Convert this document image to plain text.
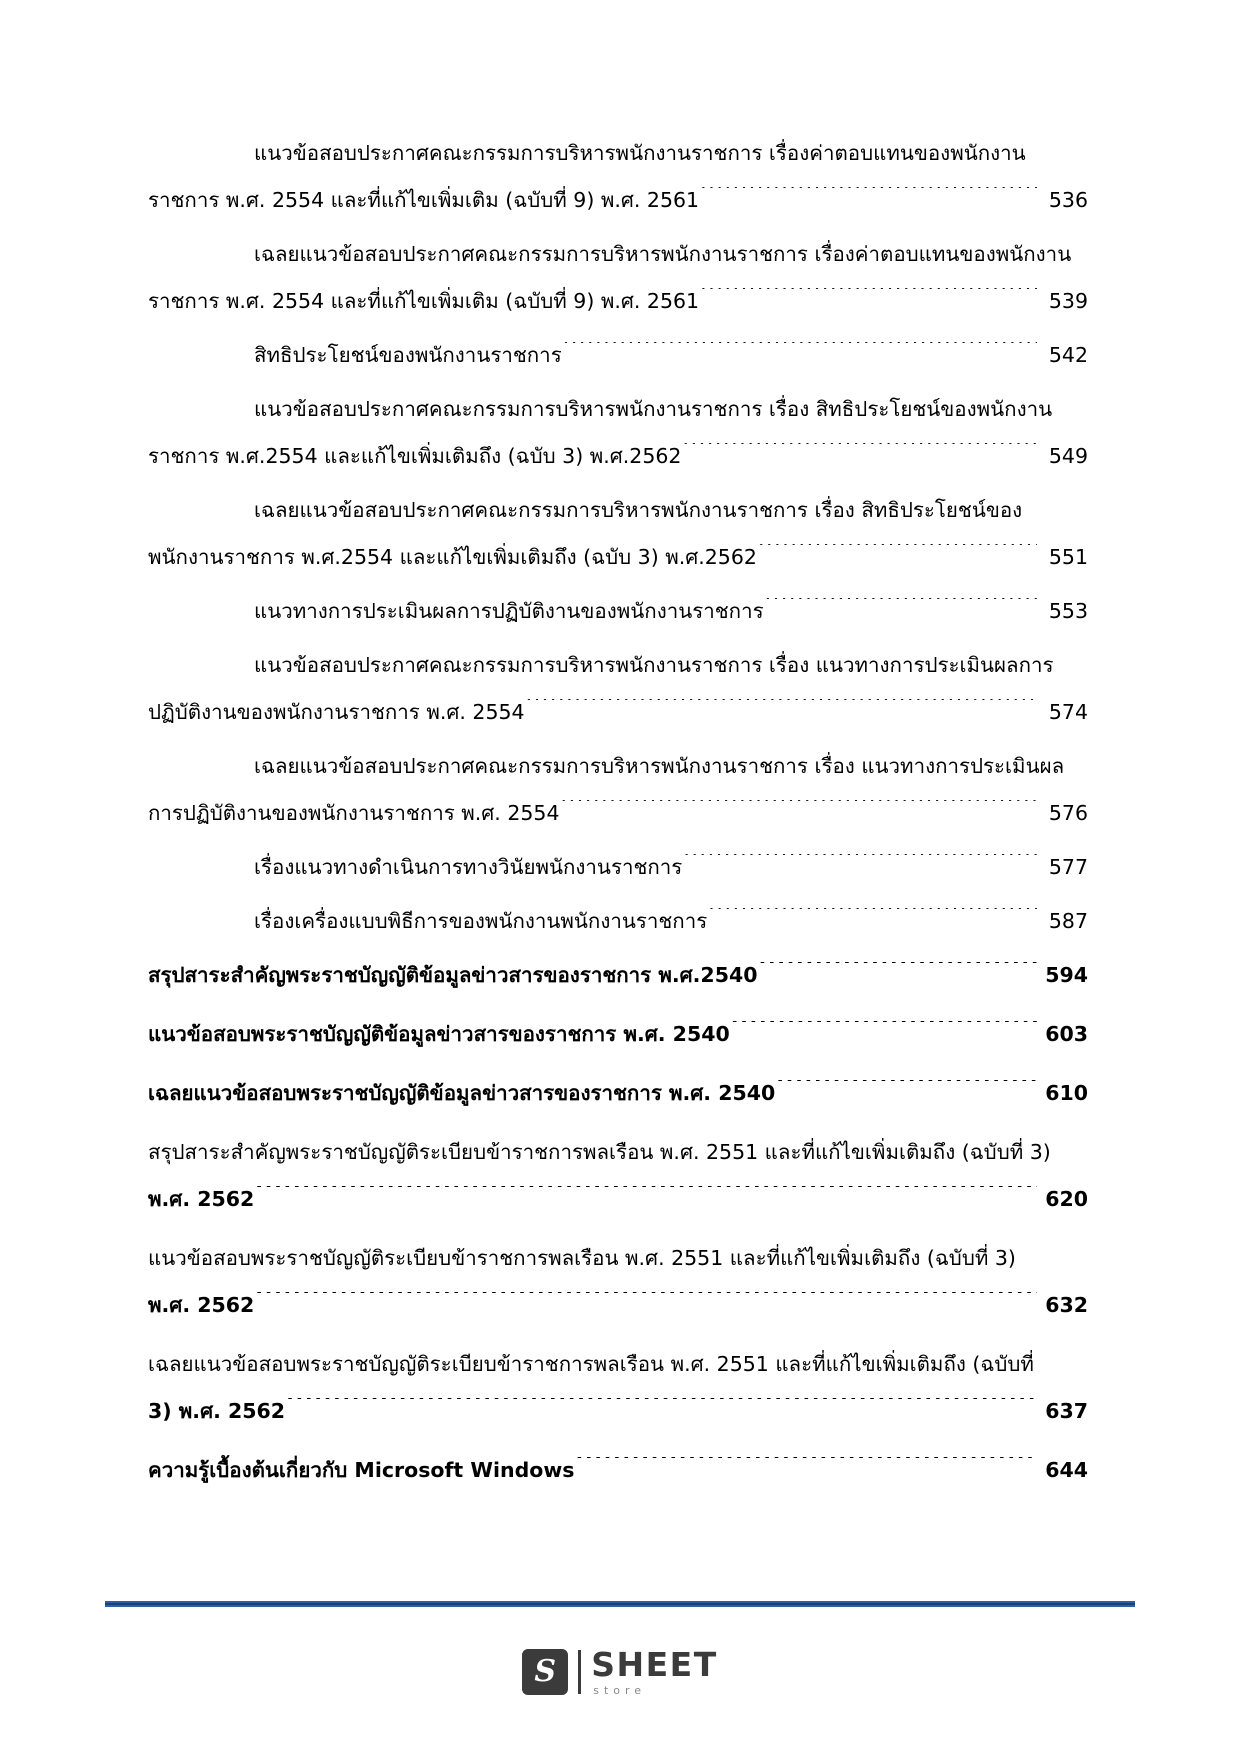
แนวข้อสอบประกาศคณะกรรมการบริหารพนักงานราชการ เรื่องค่าตอบแทนของพนักงาน
ราชการ พ.ศ. 2554 และที่แก้ไขเพิ่มเติม (ฉบับที่ 9) พ.ศ. 2561 .....	536
เฉลยแนวข้อสอบประกาศคณะกรรมการบริหารพนักงานราชการ เรื่องค่าตอบแทนของพนักงาน
ราชการ พ.ศ. 2554 และที่แก้ไขเพิ่มเติม (ฉบับที่ 9) พ.ศ. 2561 .....	539
สิทธิประโยชน์ของพนักงานราชการ .....	542
แนวข้อสอบประกาศคณะกรรมการบริหารพนักงานราชการ เรื่อง สิทธิประโยชน์ของพนักงาน
ราชการ พ.ศ.2554 และแก้ไขเพิ่มเติมถึง (ฉบับ 3) พ.ศ.2562 .....	549
เฉลยแนวข้อสอบประกาศคณะกรรมการบริหารพนักงานราชการ เรื่อง สิทธิประโยชน์ของ
พนักงานราชการ พ.ศ.2554 และแก้ไขเพิ่มเติมถึง (ฉบับ 3) พ.ศ.2562 .....	551
แนวทางการประเมินผลการปฏิบัติงานของพนักงานราชการ .....	553
แนวข้อสอบประกาศคณะกรรมการบริหารพนักงานราชการ เรื่อง แนวทางการประเมินผลการ
ปฏิบัติงานของพนักงานราชการ พ.ศ. 2554 .....	574
เฉลยแนวข้อสอบประกาศคณะกรรมการบริหารพนักงานราชการ เรื่อง แนวทางการประเมินผล
การปฏิบัติงานของพนักงานราชการ พ.ศ. 2554 .....	576
เรื่องแนวทางดำเนินการทางวินัยพนักงานราชการ .....	577
เรื่องเครื่องแบบพิธีการของพนักงานพนักงานราชการ .....	587
สรุปสาระสำคัญพระราชบัญญัติข้อมูลข่าวสารของราชการ พ.ศ.2540 .....	594
แนวข้อสอบพระราชบัญญัติข้อมูลข่าวสารของราชการ พ.ศ. 2540 .....	603
เฉลยแนวข้อสอบพระราชบัญญัติข้อมูลข่าวสารของราชการ พ.ศ. 2540 .....	610
สรุปสาระสำคัญพระราชบัญญัติระเบียบข้าราชการพลเรือน พ.ศ. 2551 และที่แก้ไขเพิ่มเติมถึง (ฉบับที่ 3)
พ.ศ. 2562 .....	620
แนวข้อสอบพระราชบัญญัติระเบียบข้าราชการพลเรือน พ.ศ. 2551 และที่แก้ไขเพิ่มเติมถึง (ฉบับที่ 3)
พ.ศ. 2562 .....	632
เฉลยแนวข้อสอบพระราชบัญญัติระเบียบข้าราชการพลเรือน พ.ศ. 2551 และที่แก้ไขเพิ่มเติมถึง (ฉบับที่
3) พ.ศ. 2562 .....	637
ความรู้เบื้องต้นเกี่ยวกับ Microsoft Windows .....	644
S	SHEET
store
